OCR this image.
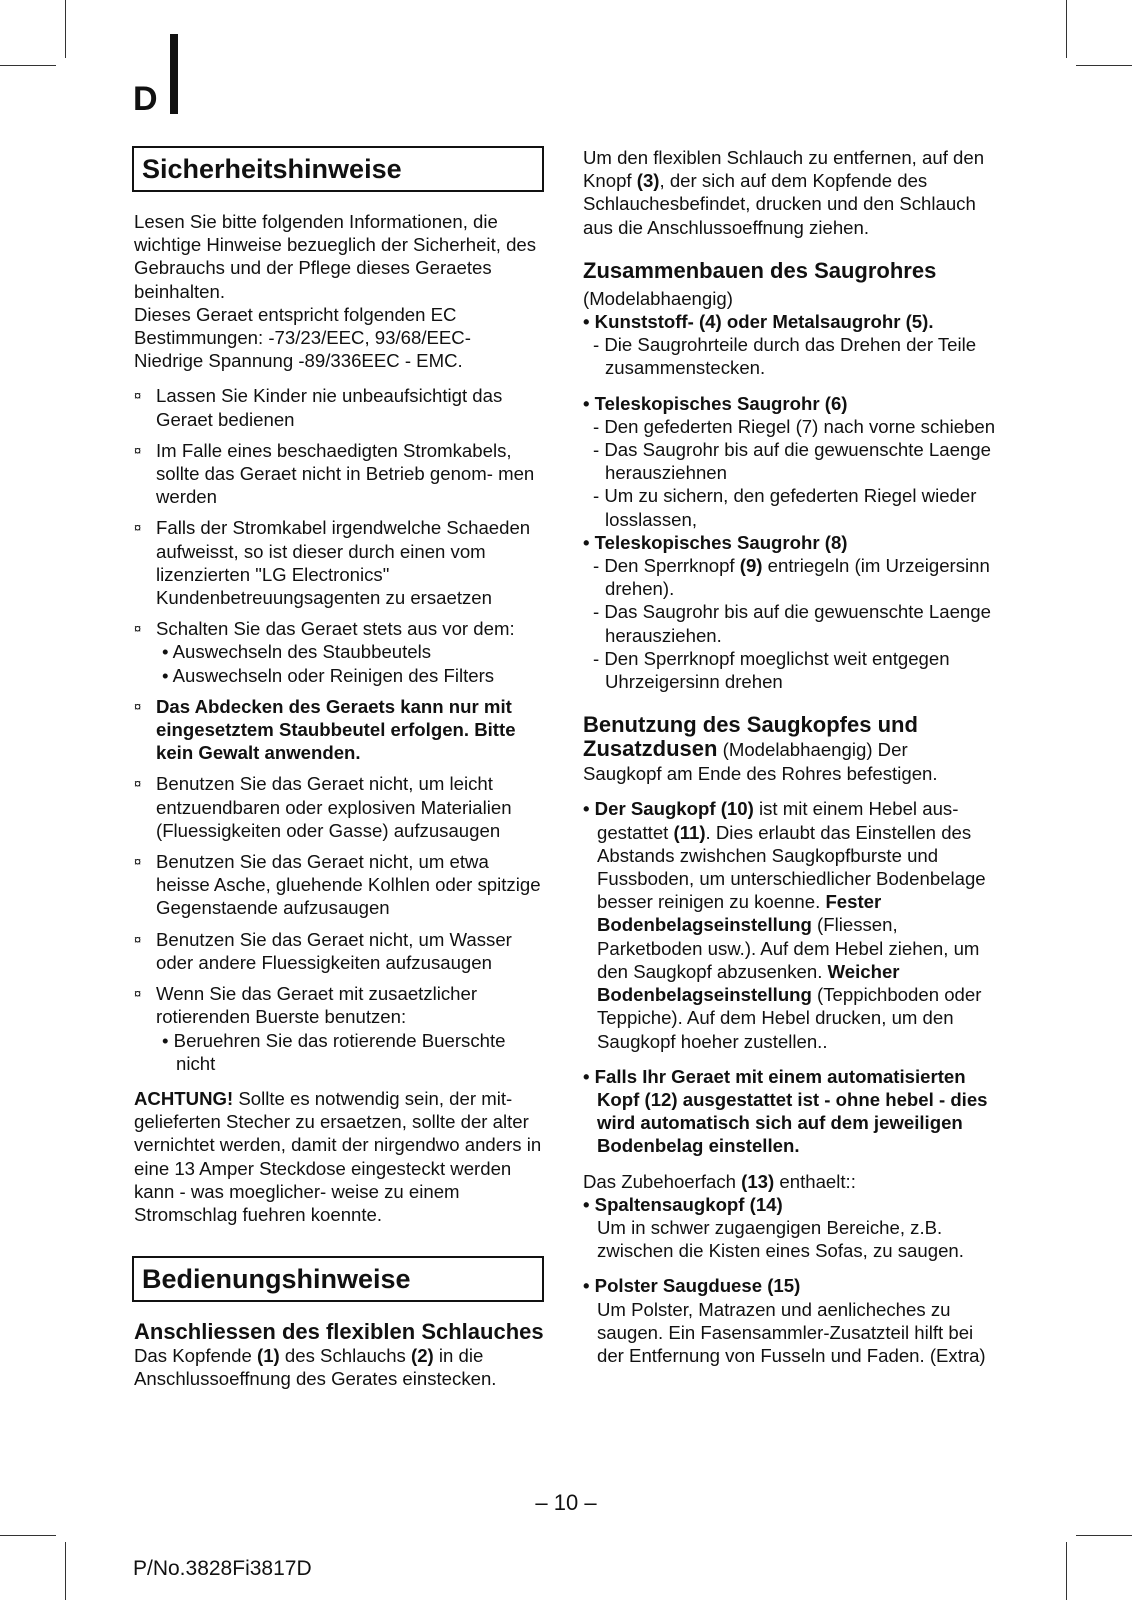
D
Sicherheitshinweise

Lesen Sie bitte folgenden Informationen, die wichtige Hinweise bezueglich der Sicherheit, des Gebrauchs und der Pflege dieses Geraetes beinhalten.

Dieses Geraet entspricht folgenden EC Bestimmungen: -73/23/EEC, 93/68/EEC- Niedrige Spannung -89/336EEC - EMC.

¤ Lassen Sie Kinder nie unbeaufsichtigt das Geraet bedienen
¤ Im Falle eines beschaedigten Stromkabels, sollte das Geraet nicht in Betrieb genom- men werden
¤ Falls der Stromkabel irgendwelche Schaeden aufweisst, so ist dieser durch einen vom lizenzierten "LG Electronics" Kundenbetreuungsagenten zu ersaetzen
¤ Schalten Sie das Geraet stets aus vor dem:
• Auswechseln des Staubbeutels
• Auswechseln oder Reinigen des Filters
¤ Das Abdecken des Geraets kann nur mit eingesetztem Staubbeutel erfolgen. Bitte kein Gewalt anwenden.
¤ Benutzen Sie das Geraet nicht, um leicht entzuendbaren oder explosiven Materialien (Fluessigkeiten oder Gasse) aufzusaugen
¤ Benutzen Sie das Geraet nicht, um etwa heisse Asche, gluehende Kolhlen oder spitzige Gegenstaende aufzusaugen
¤ Benutzen Sie das Geraet nicht, um Wasser oder andere Fluessigkeiten aufzusaugen
¤ Wenn Sie das Geraet mit zusaetzlicher rotierenden Buerste benutzen:
• Beruehren Sie das rotierende Buerschte nicht

ACHTUNG! Sollte es notwendig sein, der mit- gelieferten Stecher zu ersaetzen, sollte der alter vernichtet werden, damit der nirgendwo anders in eine 13 Amper Steckdose eingesteckt werden kann - was moeglicher- weise zu einem Stromschlag fuehren koennte.

Bedienungshinweise
Anschliessen des flexiblen Schlauches

Das Kopfende (1) des Schlauchs (2) in die Anschlussoeffnung des Gerates einstecken.

Um den flexiblen Schlauch zu entfernen, auf den Knopf (3), der sich auf dem Kopfende des Schlauchesbefindet, drucken und den Schlauch aus die Anschlussoeffnung ziehen.

Zusammenbauen des Saugrohres

(Modelabhaengig)

• Kunststoff- (4) oder Metalsaugrohr (5).
- Die Saugrohrteile durch das Drehen der Teile zusammenstecken.
• Teleskopisches Saugrohr (6)
- Den gefederten Riegel (7) nach vorne schieben
- Das Saugrohr bis auf die gewuenschte Laenge herausziehnen
- Um zu sichern, den gefederten Riegel wieder losslassen,
• Teleskopisches Saugrohr (8)
- Den Sperrknopf (9) entriegeln (im Urzeigersinn drehen).
- Das Saugrohr bis auf die gewuenschte Laenge herausziehen.
- Den Sperrknopf moeglichst weit entgegen Uhrzeigersinn drehen
Benutzung des Saugkopfes und
Zusatzdusen (Modelabhaengig) Der

Saugkopf am Ende des Rohres befestigen.

• Der Saugkopf (10) ist mit einem Hebel aus- gestattet (11). Dies erlaubt das Einstellen des Abstands zwishchen Saugkopfburste und Fussboden, um unterschiedlicher Bodenbelage besser reinigen zu koenne. Fester Bodenbelagseinstellung (Fliessen, Parketboden usw.). Auf dem Hebel ziehen, um den Saugkopf abzusenken. Weicher Bodenbelagseinstellung (Teppichboden oder Teppiche). Auf dem Hebel drucken, um den Saugkopf hoeher zustellen..
• Falls Ihr Geraet mit einem automatisierten Kopf (12) ausgestattet ist - ohne hebel - dies wird automatisch sich auf dem jeweiligen Bodenbelag einstellen.

Das Zubehoerfach (13) enthaelt::

• Spaltensaugkopf (14)
Um in schwer zugaengigen Bereiche, z.B. zwischen die Kisten eines Sofas, zu saugen.
• Polster Saugduese (15)
Um Polster, Matrazen und aenlicheches zu saugen. Ein Fasensammler-Zusatzteil hilft bei der Entfernung von Fusseln und Faden. (Extra)
– 10 –
P/No.3828Fi3817D
